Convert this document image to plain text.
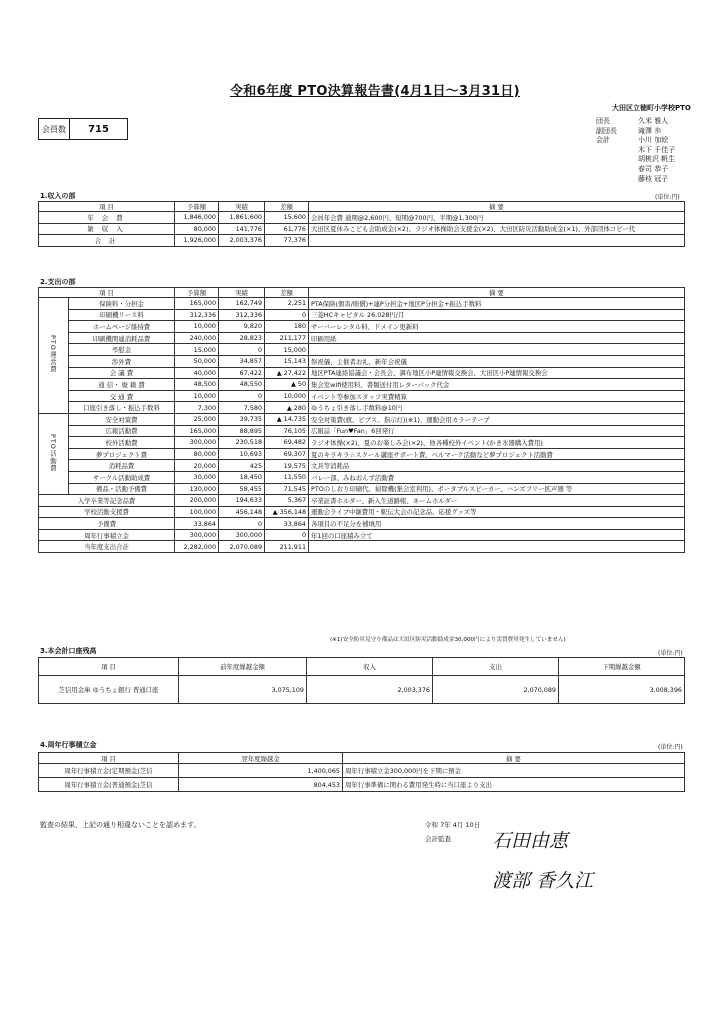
令和6年度 PTO決算報告書(4月1日〜3月31日)
大田区立徳町小学校PTO
団長	久米 雅人
副団長	滝澤 歩
会計	小川 加絵
木下 千佳子
胡桃沢 帆生
春司 恭子
藤枝 冠子
会員数	715
1.収入の部	(単位:円)
項 目	予算額	実績	差額	摘 要
年 会 費	1,846,000	1,861,600	15,600	会員年会費 通期@2,600円、短期@700円、半期@1,300円
雑 収 入	80,000	141,776	61,776	大田区夏休みこども会助成金(×2)、ラジオ体操助会支援金(×2)、大田区防災活動助成金(×1)、外部団体コピー代
合 計	1,926,000	2,003,376	77,376	
2.支出の部
項 目		予算額	実績	差額	摘 要
PTO運営費	保険料・分担金	165,000	162,749	2,251	PTA保険(個害/賠償)+連P分担金+地区P分担金+振込手数料
	印刷機リース料	312,336	312,336	0	三菱HCキャピタル 26,028円/月
	ホームページ維持費	10,000	9,820	180	サーバーレンタル料、ドメイン更新料
	印刷機関連消耗品費	240,000	28,823	211,177	印刷用紙
	弔慰金	15,000	0	15,000	
	渉外費	50,000	34,857	15,143	祭祝儀、主催者お礼、新年会祝儀
	会 議 費	40,000	67,422	▲ 27,422	地区PTA連絡協議会・会長会、調布地区小P連情報交換会、大田区小P連情報交換会
	通 信・ 廃 籍 費	48,500	48,550	▲ 50	集会室wifi使用料、書類送付用レターパック代金
	交 通 費	10,000	0	10,000	イベント等参加スタッフ実費精算
	口座引き落し・振込手数料	7,300	7,580	▲ 280	ゆうちょ引き落し手数料@10円
PTO活動費	安全対策費	25,000	39,735	▲ 14,735	安全対策費(旗、ビブス、指示灯)(※1)、運動会用カラーテープ
	広報活動費	165,000	88,895	76,105	広報誌「Fun♥Fan」6回発行
	校外活動費	300,000	230,518	69,482	ラジオ体操(×2)、夏のお楽しみ会(×2)、他各種校外イベント(かき氷器購入費用)
	夢プロジェクト費	80,000	10,693	69,307	夏のキラキラ☆スクール講座サポート費、ベルマーク活動など夢プロジェクト活動費
	消耗品費	20,000	425	19,575	文具等消耗品
	サークル活動助成費	30,000	18,450	11,550	バレー部、みねおんず活動費
	備品・活動予備費	130,000	58,455	71,545	PTOのしおり印刷代、掃除機(集会室利用)、ポータブルスピーカー、ハンズフリー拡声器 等
入学卒業等記念品費		200,000	194,633	5,367	卒業証書ホルダー、新入生道路帳、ネームホルダー
学校活動支援費		100,000	456,148	▲ 356,148	運動会ライブ中継費用・駅伝大会の記念品、応援グッズ等
予備費		33,864	0	33,864	各項目の不足分を補填用
周年行事積立金		300,000	300,000	0	年1回の口座積み立て
当年度支出合計		2,282,000	2,070,089	211,911	
(※1)安全防災見守り備品は大田区防災活動助成金30,000円により実質費用発生していません)
3.本会計口座残高	(単位:円)
項 目	前年度繰越金額	収入	支出	下期繰越金額
芝信用金庫 ゆうちょ銀行 普通口座	3,075,109	2,003,376	2,070,089	3,008,396
4.周年行事積立金	(単位:円)
項 目	翌年度繰越金	摘 要
周年行事積立金(定期預金)芝信	1,400,065	周年行事積立金300,000円を下期に預金
周年行事積立金(普通預金)芝信	804,453	周年行事準備に関わる費用発生時に当口座より支出
監査の結果、上記の通り相違ないことを認めます。	令和 7年 4月 10日
会計監査 石田由恵
渡部 香久江
